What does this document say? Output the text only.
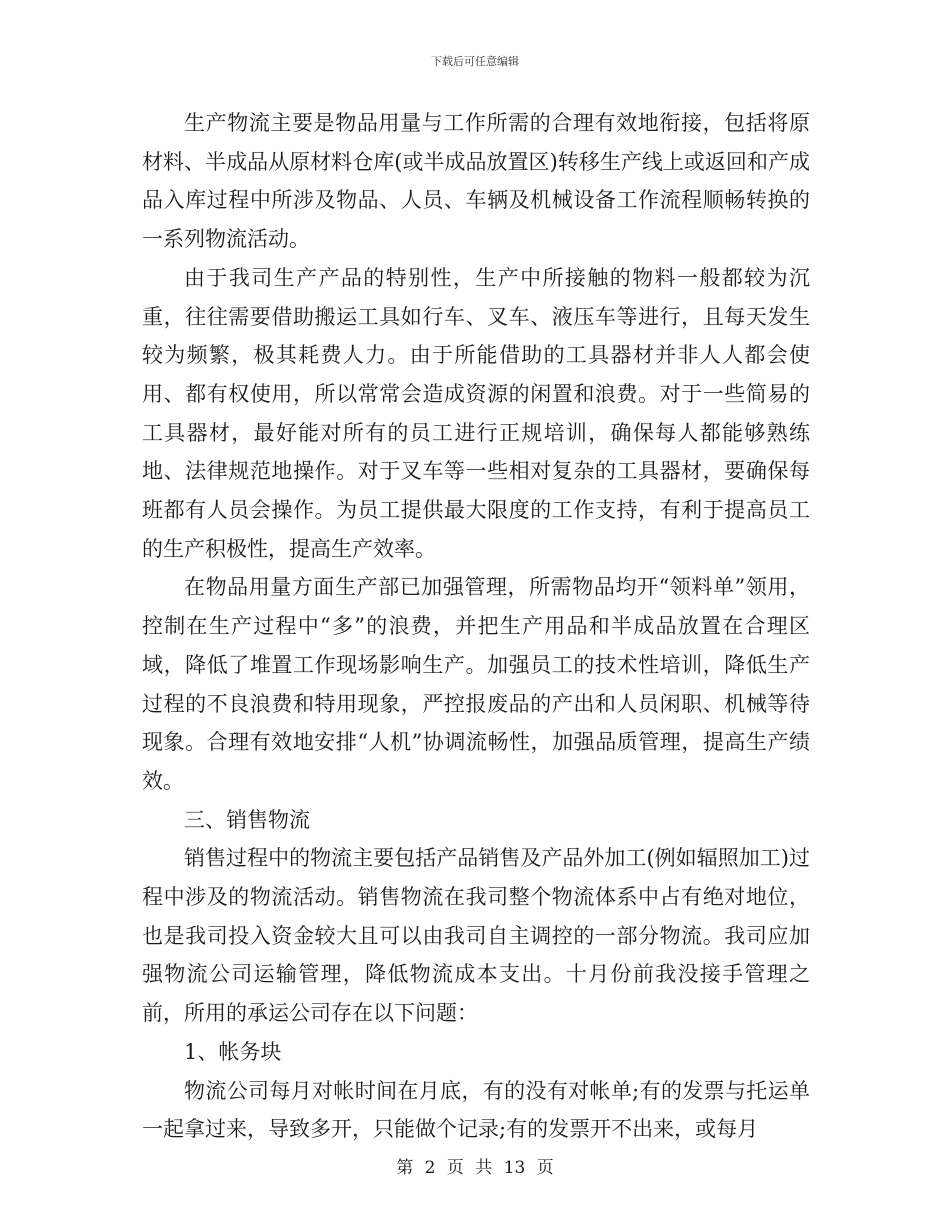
下载后可任意编辑

生产物流主要是物品用量与工作所需的合理有效地衔接，包括将原材料、半成品从原材料仓库(或半成品放置区)转移生产线上或返回和产成品入库过程中所涉及物品、人员、车辆及机械设备工作流程顺畅转换的一系列物流活动。

由于我司生产产品的特别性，生产中所接触的物料一般都较为沉重，往往需要借助搬运工具如行车、叉车、液压车等进行，且每天发生较为频繁，极其耗费人力。由于所能借助的工具器材并非人人都会使用、都有权使用，所以常常会造成资源的闲置和浪费。对于一些简易的工具器材，最好能对所有的员工进行正规培训，确保每人都能够熟练地、法律规范地操作。对于叉车等一些相对复杂的工具器材，要确保每班都有人员会操作。为员工提供最大限度的工作支持，有利于提高员工的生产积极性，提高生产效率。

在物品用量方面生产部已加强管理，所需物品均开“领料单”领用，控制在生产过程中“多”的浪费，并把生产用品和半成品放置在合理区域，降低了堆置工作现场影响生产。加强员工的技术性培训，降低生产过程的不良浪费和特用现象，严控报废品的产出和人员闲职、机械等待现象。合理有效地安排“人机”协调流畅性，加强品质管理，提高生产绩效。

三、销售物流

销售过程中的物流主要包括产品销售及产品外加工(例如辐照加工)过程中涉及的物流活动。销售物流在我司整个物流体系中占有绝对地位，也是我司投入资金较大且可以由我司自主调控的一部分物流。我司应加强物流公司运输管理，降低物流成本支出。十月份前我没接手管理之前，所用的承运公司存在以下问题：

1、帐务块

物流公司每月对帐时间在月底，有的没有对帐单;有的发票与托运单一起拿过来，导致多开，只能做个记录;有的发票开不出来，或每月

第 2 页 共 13 页
